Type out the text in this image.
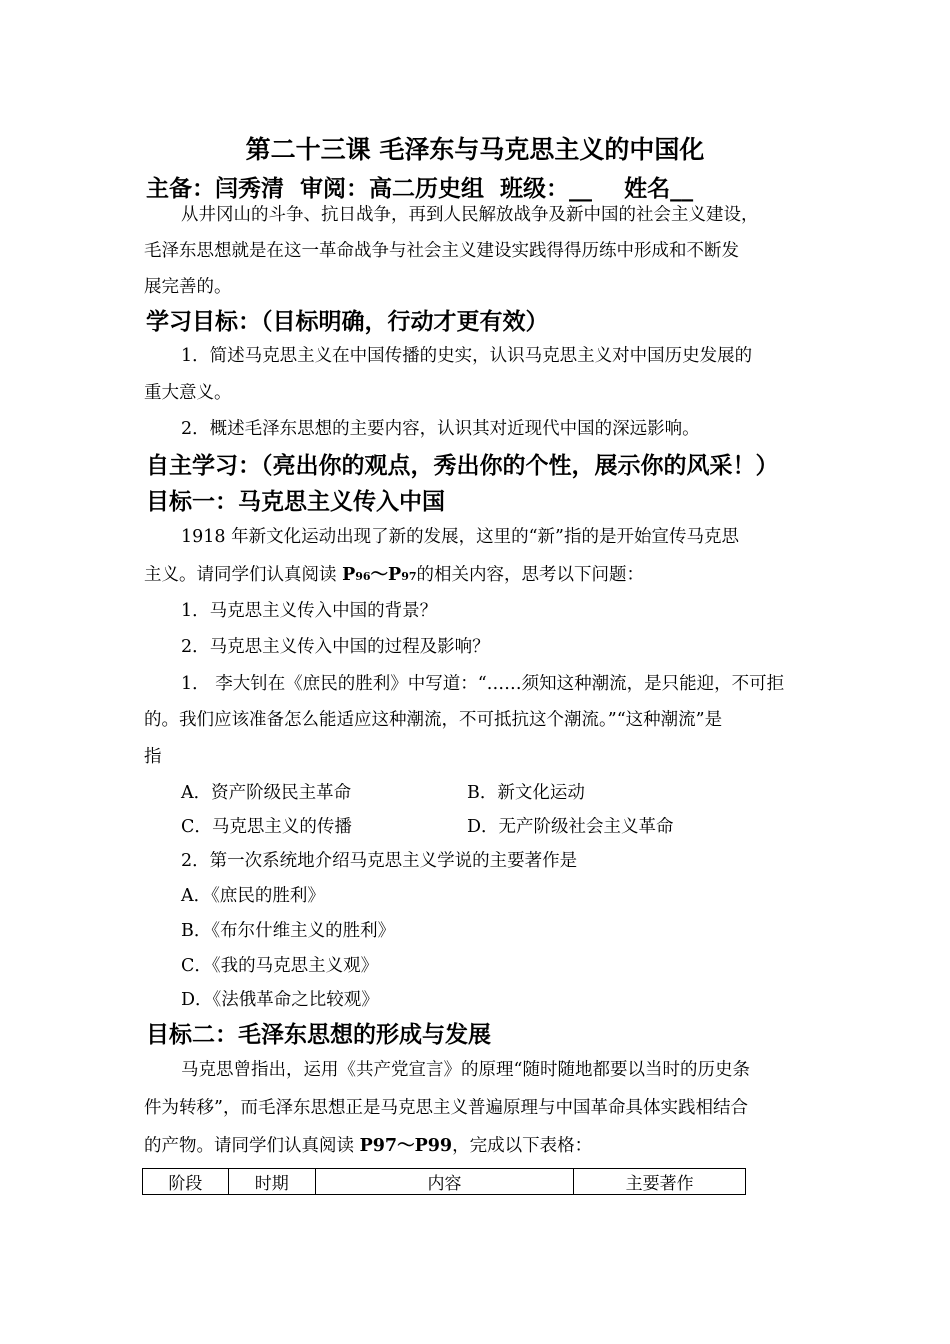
第二十三课 毛泽东与马克思主义的中国化
主备：闫秀清 审阅：高二历史组 班级：__ 姓名__
从井冈山的斗争、抗日战争，再到人民解放战争及新中国的社会主义建设，
毛泽东思想就是在这一革命战争与社会主义建设实践得得历练中形成和不断发
展完善的。
学习目标：（目标明确，行动才更有效）
1．简述马克思主义在中国传播的史实，认识马克思主义对中国历史发展的
重大意义。
2．概述毛泽东思想的主要内容，认识其对近现代中国的深远影响。
自主学习：（亮出你的观点，秀出你的个性，展示你的风采！）
目标一：马克思主义传入中国
1918 年新文化运动出现了新的发展，这里的“新”指的是开始宣传马克思
主义。请同学们认真阅读 P96～P97的相关内容，思考以下问题：
1．马克思主义传入中国的背景？
2．马克思主义传入中国的过程及影响？
1． 李大钊在《庶民的胜利》中写道：“……须知这种潮流，是只能迎，不可拒
的。我们应该准备怎么能适应这种潮流，不可抵抗这个潮流。”“这种潮流”是
指
A．资产阶级民主革命	B．新文化运动
C．马克思主义的传播	D．无产阶级社会主义革命
2．第一次系统地介绍马克思主义学说的主要著作是
A．《庶民的胜利》
B．《布尔什维主义的胜利》
C．《我的马克思主义观》
D．《法俄革命之比较观》
目标二：毛泽东思想的形成与发展
马克思曾指出，运用《共产党宣言》的原理“随时随地都要以当时的历史条
件为转移”，而毛泽东思想正是马克思主义普遍原理与中国革命具体实践相结合
的产物。请同学们认真阅读 P97～P99，完成以下表格：
阶段	时期	内容	主要著作
